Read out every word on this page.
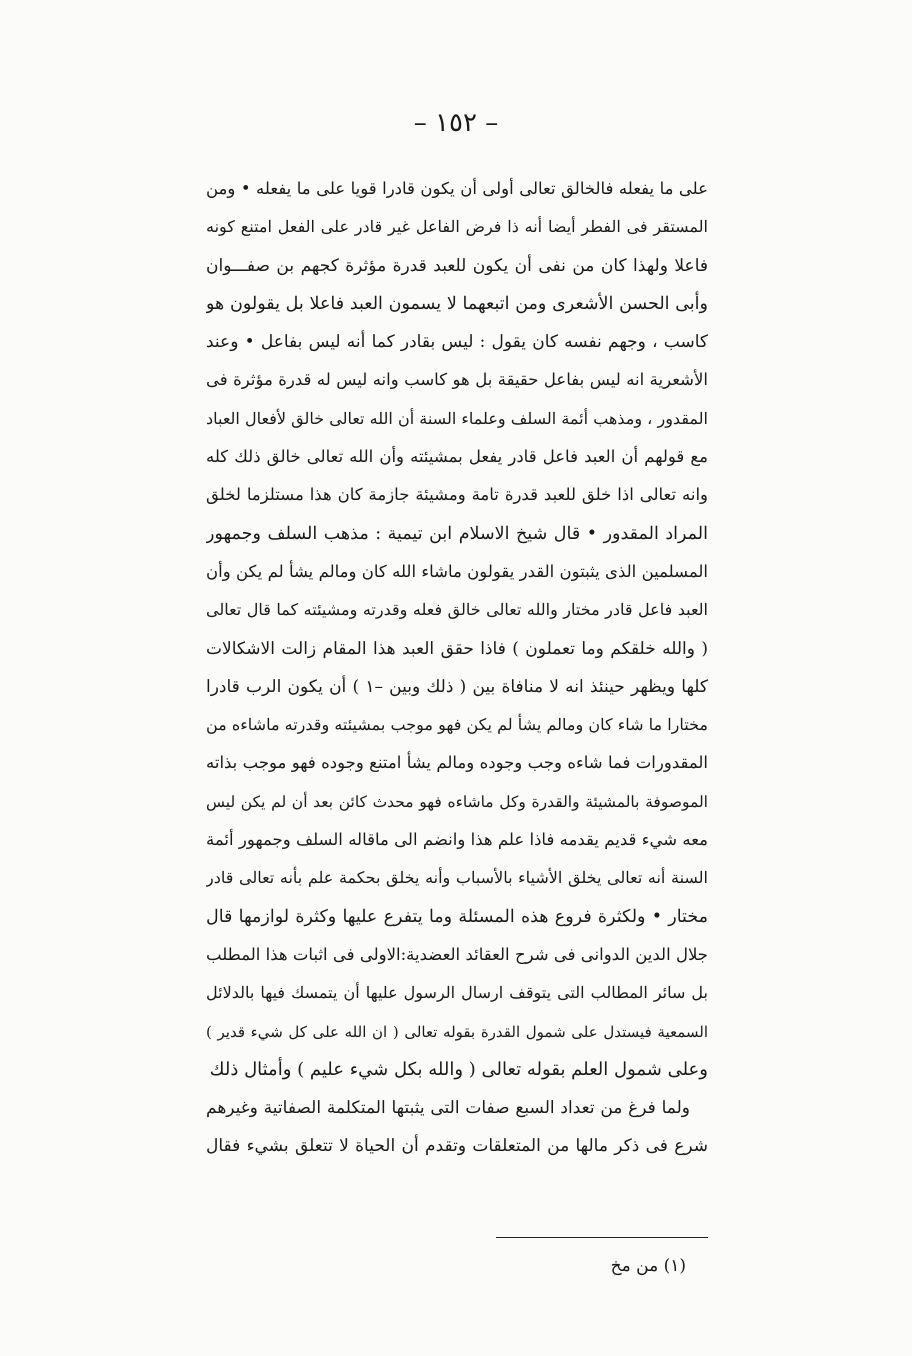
– ١٥٢ –
على ما يفعله فالخالق تعالى أولى أن يكون قادرا قويا على ما يفعله • ومن
المستقر فى الفطر أيضا أنه ذا فرض الفاعل غير قادر على الفعل امتنع كونه
فاعلا ولهذا كان من نفى أن يكون للعبد قدرة مؤثرة كجهم بن صفـــوان
وأبى الحسن الأشعرى ومن اتبعهما لا يسمون العبد فاعلا بل يقولون هو
كاسب ، وجهم نفسه كان يقول : ليس بقادر كما أنه ليس بفاعل • وعند
الأشعرية انه ليس بفاعل حقيقة بل هو كاسب وانه ليس له قدرة مؤثرة فى
المقدور ، ومذهب أئمة السلف وعلماء السنة أن الله تعالى خالق لأفعال العباد
مع قولهم أن العبد فاعل قادر يفعل بمشيئته وأن الله تعالى خالق ذلك كله
وانه تعالى اذا خلق للعبد قدرة تامة ومشيئة جازمة كان هذا مستلزما لخلق
المراد المقدور • قال شيخ الاسلام ابن تيمية : مذهب السلف وجمهور
المسلمين الذى يثبتون القدر يقولون ماشاء الله كان ومالم يشأ لم يكن وأن
العبد فاعل قادر مختار والله تعالى خالق فعله وقدرته ومشيئته كما قال تعالى
( والله خلقكم وما تعملون ) فاذا حقق العبد هذا المقام زالت الاشكالات
كلها ويظهر حينئذ انه لا منافاة بين ( ذلك وبين –١ ) أن يكون الرب قادرا
مختارا ما شاء كان ومالم يشأ لم يكن فهو موجب بمشيئته وقدرته ماشاءه من
المقدورات فما شاءه وجب وجوده ومالم يشأ امتنع وجوده فهو موجب بذاته
الموصوفة بالمشيئة والقدرة وكل ماشاءه فهو محدث كائن بعد أن لم يكن ليس
معه شيء قديم يقدمه فاذا علم هذا وانضم الى ماقاله السلف وجمهور أئمة
السنة أنه تعالى يخلق الأشياء بالأسباب وأنه يخلق بحكمة علم بأنه تعالى قادر
مختار • ولكثرة فروع هذه المسئلة وما يتفرع عليها وكثرة لوازمها قال
جلال الدين الدوانى فى شرح العقائد العضدية:الاولى فى اثبات هذا المطلب
بل سائر المطالب التى يتوقف ارسال الرسول عليها أن يتمسك فيها بالدلائل
السمعية فيستدل على شمول القدرة بقوله تعالى ( ان الله على كل شيء قدير )
وعلى شمول العلم بقوله تعالى ( والله بكل شيء عليم ) وأمثال ذلك
ولما فرغ من تعداد السبع صفات التى يثبتها المتكلمة الصفاتية وغيرهم
شرع فى ذكر مالها من المتعلقات وتقدم أن الحياة لا تتعلق بشيء فقال
(١) من مخ
